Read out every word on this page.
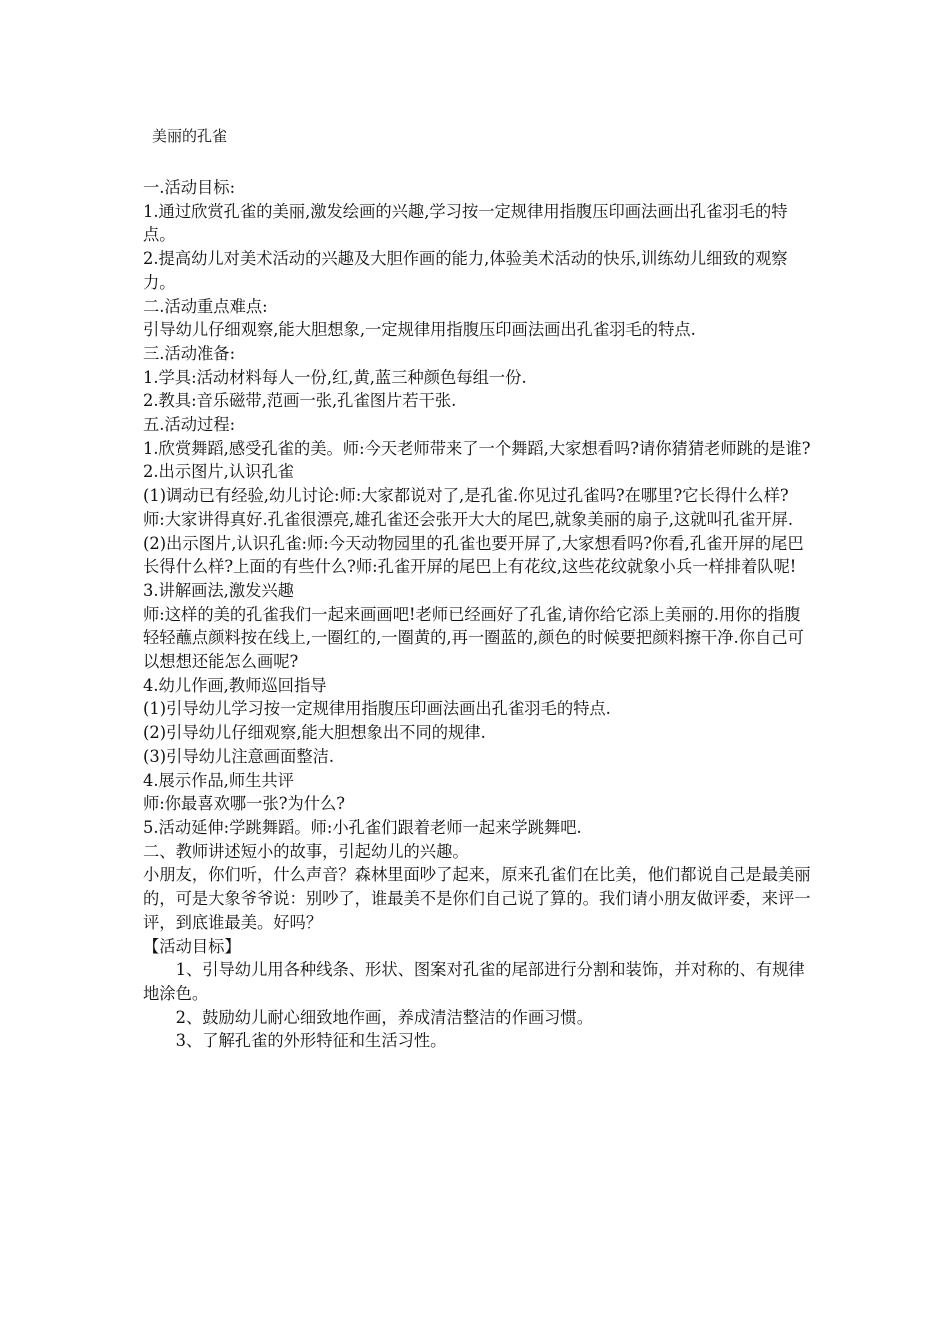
美丽的孔雀

一.活动目标:

1.通过欣赏孔雀的美丽,激发绘画的兴趣,学习按一定规律用指腹压印画法画出孔雀羽毛的特点。

2.提高幼儿对美术活动的兴趣及大胆作画的能力,体验美术活动的快乐,训练幼儿细致的观察力。

二.活动重点难点:

引导幼儿仔细观察,能大胆想象,一定规律用指腹压印画法画出孔雀羽毛的特点.

三.活动准备:

1.学具:活动材料每人一份,红,黄,蓝三种颜色每组一份.

2.教具:音乐磁带,范画一张,孔雀图片若干张.

五.活动过程:

1.欣赏舞蹈,感受孔雀的美。师:今天老师带来了一个舞蹈,大家想看吗?请你猜猜老师跳的是谁?

2.出示图片,认识孔雀

(1)调动已有经验,幼儿讨论:师:大家都说对了,是孔雀.你见过孔雀吗?在哪里?它长得什么样?

师:大家讲得真好.孔雀很漂亮,雄孔雀还会张开大大的尾巴,就象美丽的扇子,这就叫孔雀开屏.

(2)出示图片,认识孔雀:师:今天动物园里的孔雀也要开屏了,大家想看吗?你看,孔雀开屏的尾巴长得什么样?上面的有些什么?师:孔雀开屏的尾巴上有花纹,这些花纹就象小兵一样排着队呢!

3.讲解画法,激发兴趣

师:这样的美的孔雀我们一起来画画吧!老师已经画好了孔雀,请你给它添上美丽的.用你的指腹轻轻蘸点颜料按在线上,一圈红的,一圈黄的,再一圈蓝的,颜色的时候要把颜料擦干净.你自己可以想想还能怎么画呢?

4.幼儿作画,教师巡回指导

(1)引导幼儿学习按一定规律用指腹压印画法画出孔雀羽毛的特点.

(2)引导幼儿仔细观察,能大胆想象出不同的规律.

(3)引导幼儿注意画面整洁.

4.展示作品,师生共评

师:你最喜欢哪一张?为什么?

5.活动延伸:学跳舞蹈。师:小孔雀们跟着老师一起来学跳舞吧.

二、教师讲述短小的故事，引起幼儿的兴趣。

小朋友，你们听，什么声音？森林里面吵了起来，原来孔雀们在比美，他们都说自己是最美丽的，可是大象爷爷说：别吵了，谁最美不是你们自己说了算的。我们请小朋友做评委，来评一评，到底谁最美。好吗？

【活动目标】

1、引导幼儿用各种线条、形状、图案对孔雀的尾部进行分割和装饰，并对称的、有规律地涂色。

2、鼓励幼儿耐心细致地作画，养成清洁整洁的作画习惯。

3、了解孔雀的外形特征和生活习性。
